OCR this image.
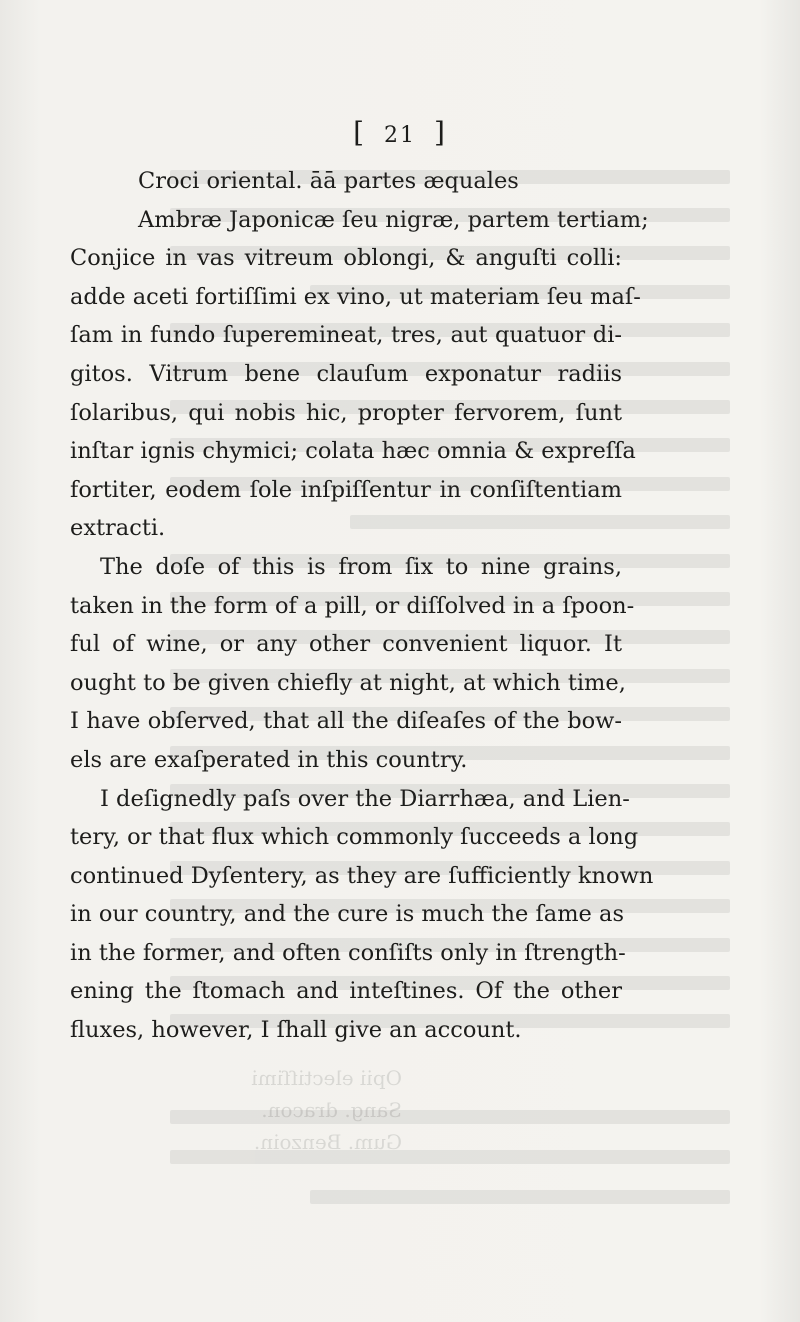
[ 21 ]
Croci oriental. āā partes æquales
Ambræ Japonicæ ſeu nigræ, partem tertiam;
Conjice in vas vitreum oblongi, & anguſti colli:
adde aceti fortiſſimi ex vino, ut materiam ſeu maſ-
ſam in fundo ſuperemineat, tres, aut quatuor di-
gitos. Vitrum bene clauſum exponatur radiis
ſolaribus, qui nobis hic, propter fervorem, ſunt
inſtar ignis chymici; colata hæc omnia & expreſſa
fortiter, eodem ſole inſpiſſentur in conſiſtentiam
extracti.
The doſe of this is from ſix to nine grains,
taken in the form of a pill, or diſſolved in a ſpoon-
ful of wine, or any other convenient liquor. It
ought to be given chiefly at night, at which time,
I have obſerved, that all the diſeaſes of the bow-
els are exaſperated in this country.
I deſignedly paſs over the Diarrhæa, and Lien-
tery, or that flux which commonly ſucceeds a long
continued Dyſentery, as they are ſufficiently known
in our country, and the cure is much the ſame as
in the former, and often conſiſts only in ſtrength-
ening the ſtomach and inteſtines. Of the other
fluxes, however, I ſhall give an account.
Opii electiſſimi
Sang. dracon.
Gum. Benzoin.
